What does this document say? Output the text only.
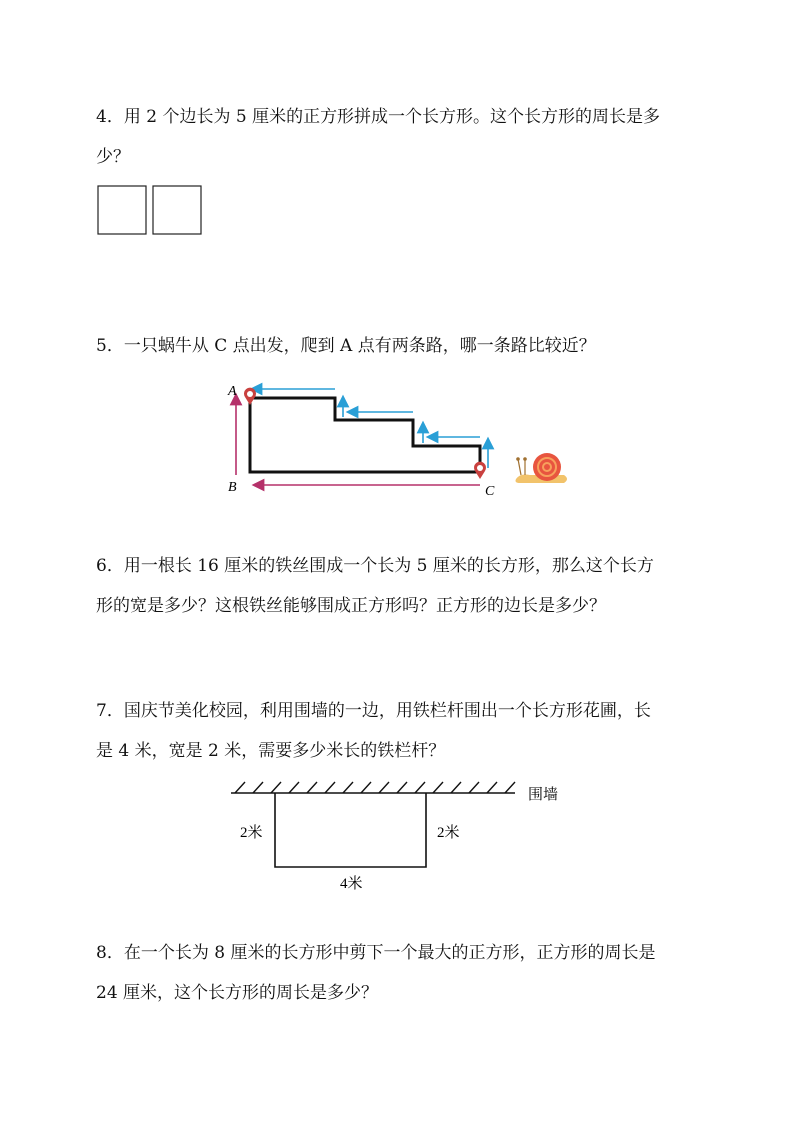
4．用 2 个边长为 5 厘米的正方形拼成一个长方形。这个长方形的周长是多
少？
5．一只蜗牛从 C 点出发，爬到 A 点有两条路，哪一条路比较近？
A
B	C
6．用一根长 16 厘米的铁丝围成一个长为 5 厘米的长方形，那么这个长方
形的宽是多少？这根铁丝能够围成正方形吗？正方形的边长是多少？
7．国庆节美化校园，利用围墙的一边，用铁栏杆围出一个长方形花圃，长
是 4 米，宽是 2 米，需要多少米长的铁栏杆？
围墙
2米	2米
4米
8．在一个长为 8 厘米的长方形中剪下一个最大的正方形，正方形的周长是
24 厘米，这个长方形的周长是多少？
